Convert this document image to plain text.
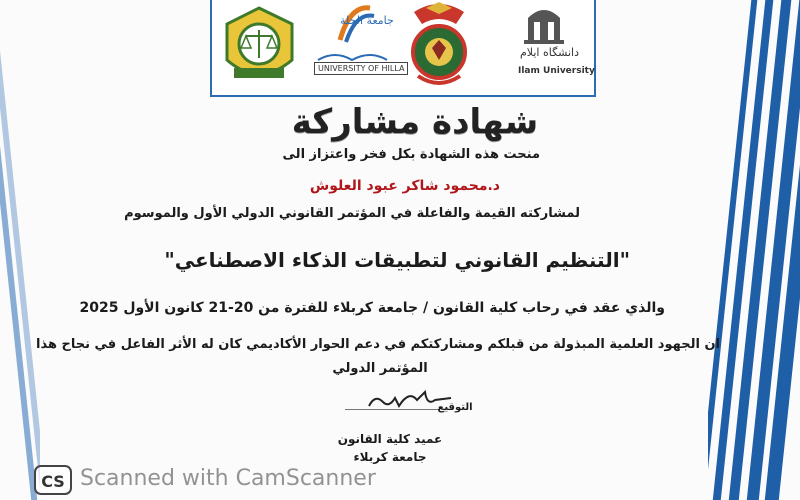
جامعة الحلة
UNIVERSITY OF HILLA
دانشگاه ایلام
Ilam University
شهادة مشاركة
منحت هذه الشهادة بكل فخر واعتزاز الى
د.محمود شاكر عبود العلوش
لمشاركته القيمة والفاعلة في المؤتمر القانوني الدولي الأول والموسوم
"التنظيم القانوني لتطبيقات الذكاء الاصطناعي"
والذي عقد في رحاب كلية القانون / جامعة كربلاء للفترة من 20-21 كانون الأول 2025
ان الجهود العلمية المبذولة من قبلكم ومشاركتكم في دعم الحوار الأكاديمي كان له الأثر الفاعل في نجاح هذا
المؤتمر الدولي
التوقيع
عميد كلية القانون
جامعة كربلاء
CS Scanned with CamScanner
